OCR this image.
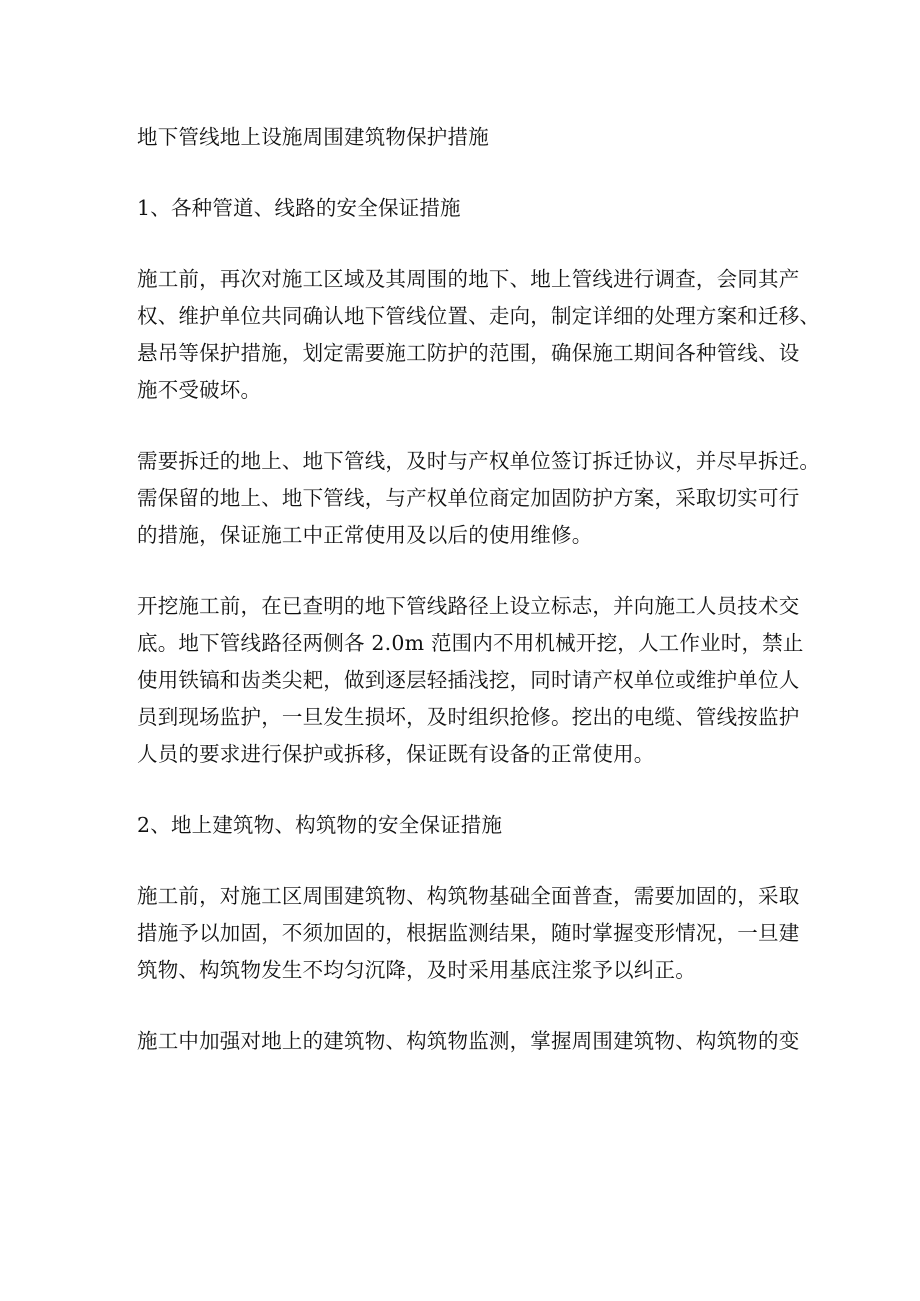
地下管线地上设施周围建筑物保护措施
1、各种管道、线路的安全保证措施
施工前，再次对施工区域及其周围的地下、地上管线进行调查，会同其产
权、维护单位共同确认地下管线位置、走向，制定详细的处理方案和迁移、
悬吊等保护措施，划定需要施工防护的范围，确保施工期间各种管线、设
施不受破坏。
需要拆迁的地上、地下管线，及时与产权单位签订拆迁协议，并尽早拆迁。
需保留的地上、地下管线，与产权单位商定加固防护方案，采取切实可行
的措施，保证施工中正常使用及以后的使用维修。
开挖施工前，在已查明的地下管线路径上设立标志，并向施工人员技术交
底。地下管线路径两侧各 2.0m 范围内不用机械开挖，人工作业时，禁止
使用铁镐和齿类尖耙，做到逐层轻插浅挖，同时请产权单位或维护单位人
员到现场监护，一旦发生损坏，及时组织抢修。挖出的电缆、管线按监护
人员的要求进行保护或拆移，保证既有设备的正常使用。
2、地上建筑物、构筑物的安全保证措施
施工前，对施工区周围建筑物、构筑物基础全面普查，需要加固的，采取
措施予以加固，不须加固的，根据监测结果，随时掌握变形情况，一旦建
筑物、构筑物发生不均匀沉降，及时采用基底注浆予以纠正。
施工中加强对地上的建筑物、构筑物监测，掌握周围建筑物、构筑物的变
